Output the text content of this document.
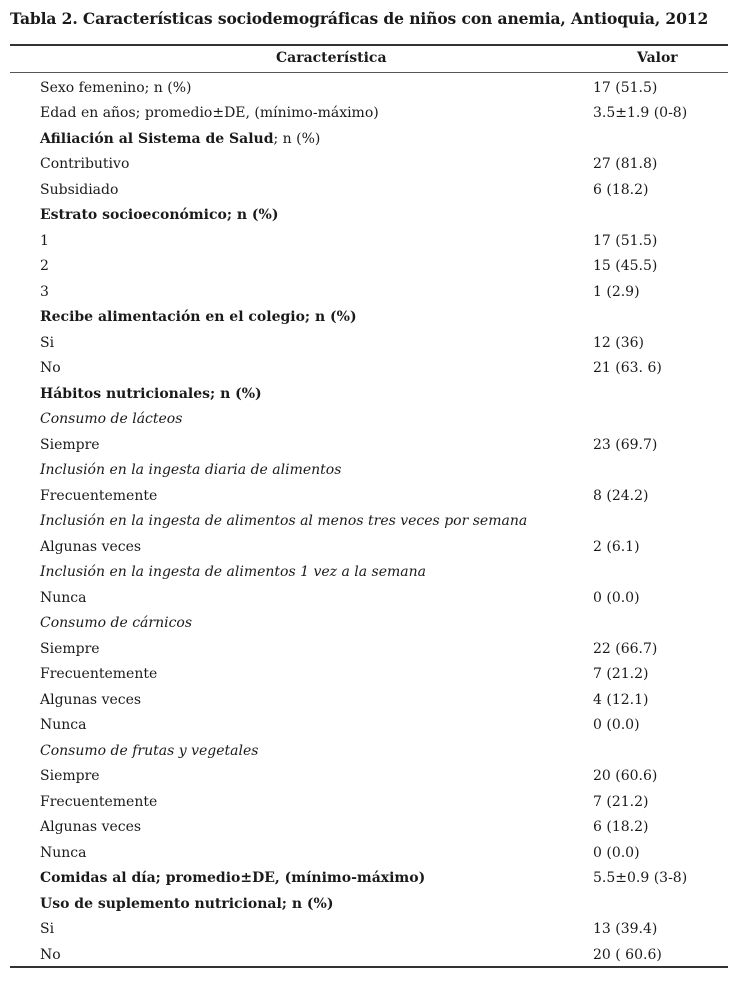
Tabla 2. Características sociodemográficas de niños con anemia, Antioquia, 2012
Característica	Valor
Sexo femenino; n (%)	17 (51.5)
Edad en años; promedio±DE, (mínimo-máximo)	3.5±1.9 (0-8)
Afiliación al Sistema de Salud; n (%)
Contributivo	27 (81.8)
Subsidiado	6 (18.2)
Estrato socioeconómico; n (%)
1	17 (51.5)
2	15 (45.5)
3	1 (2.9)
Recibe alimentación en el colegio; n (%)
Si	12 (36)
No	21 (63. 6)
Hábitos nutricionales; n (%)
Consumo de lácteos
Siempre	23 (69.7)
Inclusión en la ingesta diaria de alimentos
Frecuentemente	8 (24.2)
Inclusión en la ingesta de alimentos al menos tres veces por semana
Algunas veces	2 (6.1)
Inclusión en la ingesta de alimentos 1 vez a la semana
Nunca	0 (0.0)
Consumo de cárnicos
Siempre	22 (66.7)
Frecuentemente	7 (21.2)
Algunas veces	4 (12.1)
Nunca	0 (0.0)
Consumo de frutas y vegetales
Siempre	20 (60.6)
Frecuentemente	7 (21.2)
Algunas veces	6 (18.2)
Nunca	0 (0.0)
Comidas al día; promedio±DE, (mínimo-máximo)	5.5±0.9 (3-8)
Uso de suplemento nutricional; n (%)
Si	13 (39.4)
No	20 ( 60.6)
